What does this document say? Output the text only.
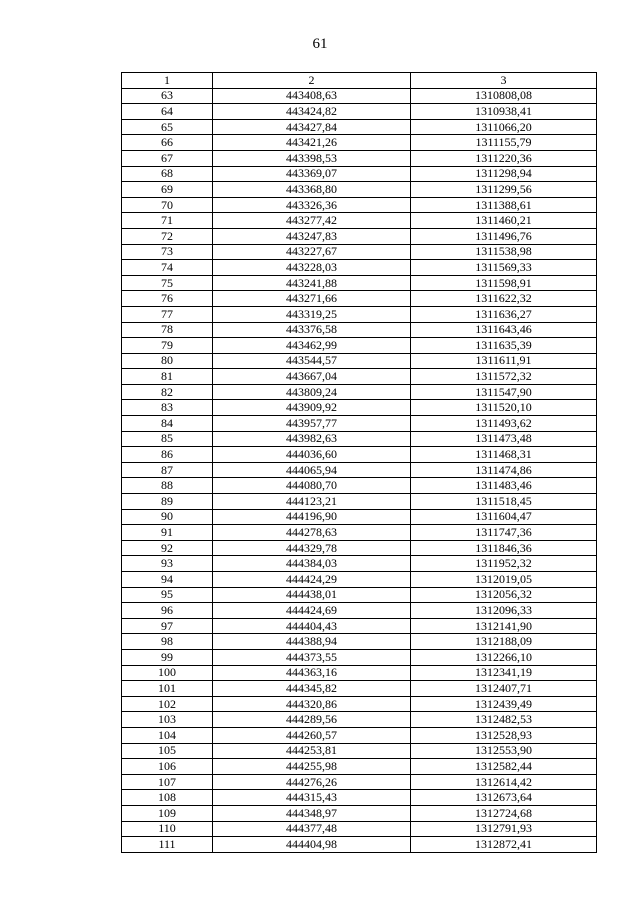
61
1	2	3
63	443408,63	1310808,08
64	443424,82	1310938,41
65	443427,84	1311066,20
66	443421,26	1311155,79
67	443398,53	1311220,36
68	443369,07	1311298,94
69	443368,80	1311299,56
70	443326,36	1311388,61
71	443277,42	1311460,21
72	443247,83	1311496,76
73	443227,67	1311538,98
74	443228,03	1311569,33
75	443241,88	1311598,91
76	443271,66	1311622,32
77	443319,25	1311636,27
78	443376,58	1311643,46
79	443462,99	1311635,39
80	443544,57	1311611,91
81	443667,04	1311572,32
82	443809,24	1311547,90
83	443909,92	1311520,10
84	443957,77	1311493,62
85	443982,63	1311473,48
86	444036,60	1311468,31
87	444065,94	1311474,86
88	444080,70	1311483,46
89	444123,21	1311518,45
90	444196,90	1311604,47
91	444278,63	1311747,36
92	444329,78	1311846,36
93	444384,03	1311952,32
94	444424,29	1312019,05
95	444438,01	1312056,32
96	444424,69	1312096,33
97	444404,43	1312141,90
98	444388,94	1312188,09
99	444373,55	1312266,10
100	444363,16	1312341,19
101	444345,82	1312407,71
102	444320,86	1312439,49
103	444289,56	1312482,53
104	444260,57	1312528,93
105	444253,81	1312553,90
106	444255,98	1312582,44
107	444276,26	1312614,42
108	444315,43	1312673,64
109	444348,97	1312724,68
110	444377,48	1312791,93
111	444404,98	1312872,41
